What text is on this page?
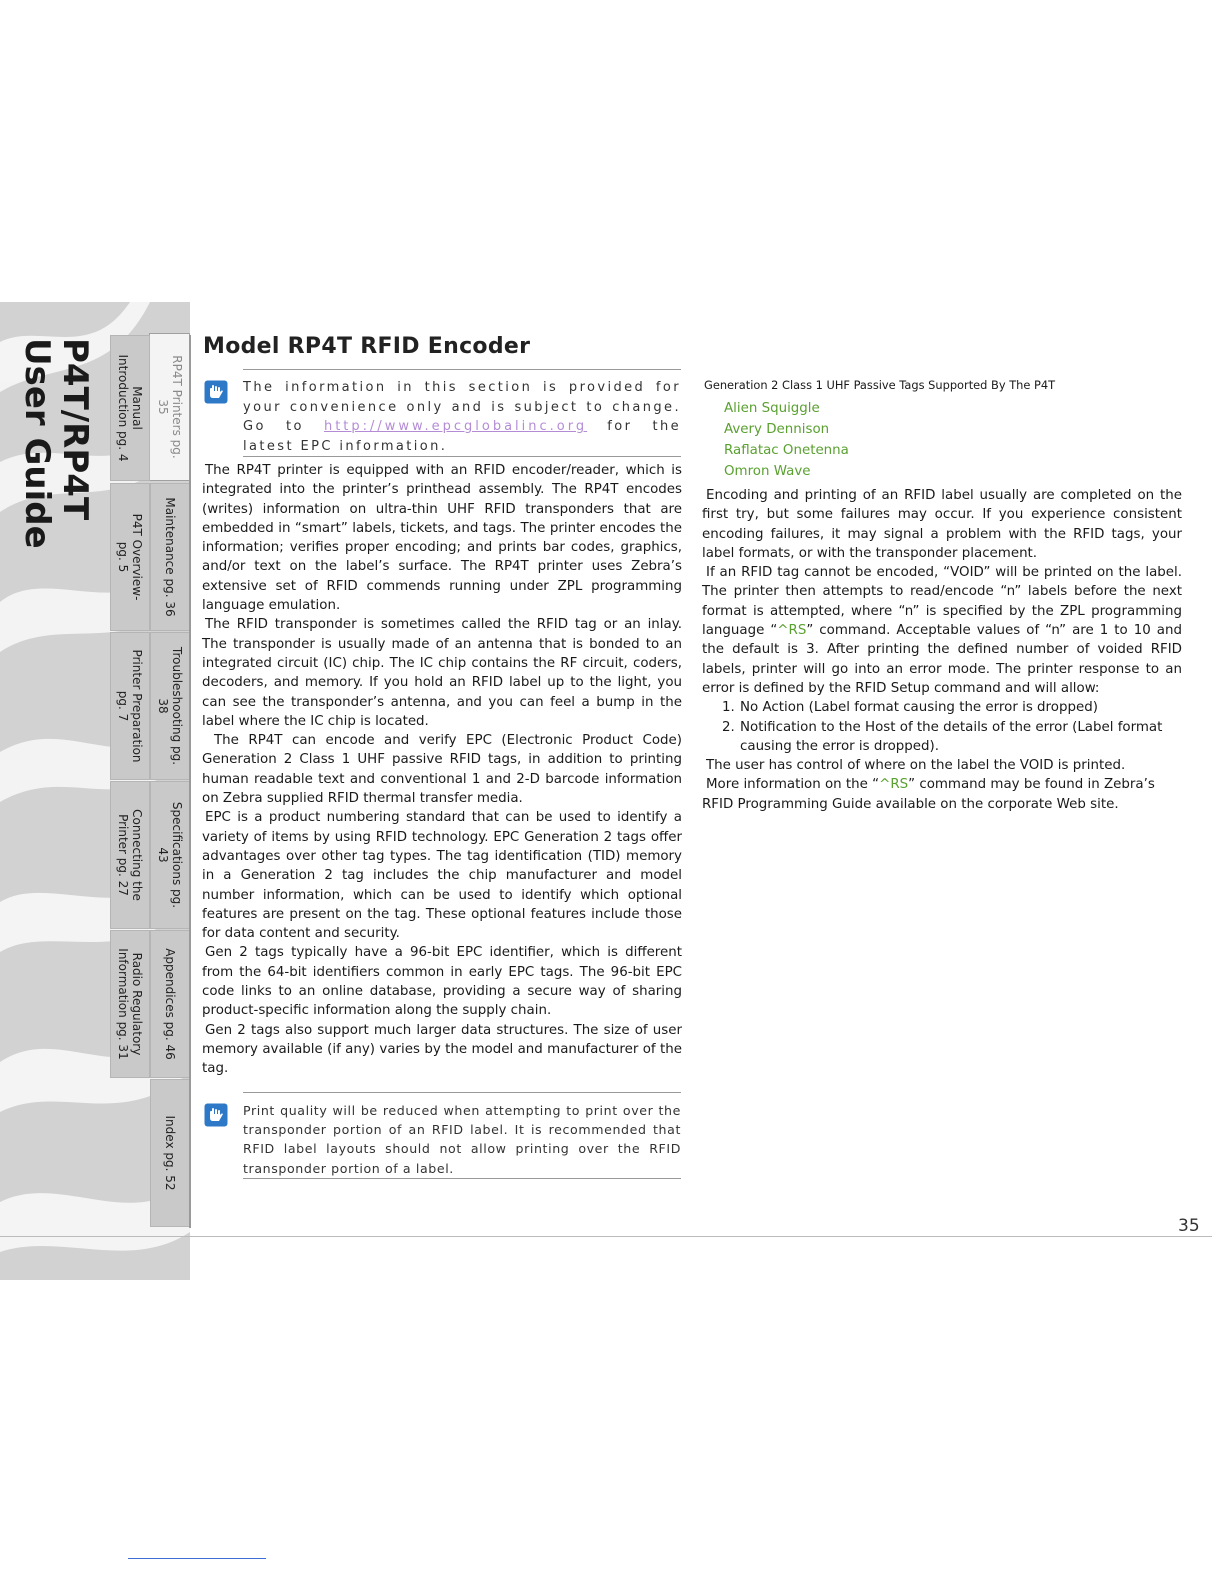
P4T/RP4T
User Guide	RP4T Printers pg.
35
Manual
Introduction pg. 4
Maintenance pg. 36
P4T Overview-
pg. 5
Troubleshooting pg.
38
Printer Preparation
pg. 7
Specifications pg.
43
Connecting the
Printer pg. 27
Appendices pg. 46
Radio Regulatory
Information pg. 31
Index pg. 52
Model RP4T RFID Encoder
The information in this section is provided for your convenience only and is subject to change. Go to http://www.epcglobalinc.org for the latest EPC information.

The RP4T printer is equipped with an RFID encoder/reader, which is integrated into the printer’s printhead assembly. The RP4T encodes (writes) information on ultra-thin UHF RFID transponders that are embedded in “smart” labels, tickets, and tags. The printer encodes the information; verifies proper encoding; and prints bar codes, graphics, and/or text on the label’s surface. The RP4T printer uses Zebra’s extensive set of RFID commends running under ZPL programming language emulation.

The RFID transponder is sometimes called the RFID tag or an inlay. The transponder is usually made of an antenna that is bonded to an integrated circuit (IC) chip. The IC chip contains the RF circuit, coders, decoders, and memory. If you hold an RFID label up to the light, you can see the transponder’s antenna, and you can feel a bump in the label where the IC chip is located.

The RP4T can encode and verify EPC (Electronic Product Code) Generation 2 Class 1 UHF passive RFID tags, in addition to printing human readable text and conventional 1 and 2-D barcode information on Zebra supplied RFID thermal transfer media.

EPC is a product numbering standard that can be used to identify a variety of items by using RFID technology. EPC Generation 2 tags offer advantages over other tag types. The tag identification (TID) memory in a Generation 2 tag includes the chip manufacturer and model number information, which can be used to identify which optional features are present on the tag. These optional features include those for data content and security.

Gen 2 tags typically have a 96-bit EPC identifier, which is different from the 64-bit identifiers common in early EPC tags. The 96-bit EPC code links to an online database, providing a secure way of sharing product-specific information along the supply chain.

Gen 2 tags also support much larger data structures. The size of user memory available (if any) varies by the model and manufacturer of the tag.

Print quality will be reduced when attempting to print over the transponder portion of an RFID label. It is recommended that RFID label layouts should not allow printing over the RFID transponder portion of a label.
Generation 2 Class 1 UHF Passive Tags Supported By The P4T
Alien Squiggle
Avery Dennison
Raflatac Onetenna
Omron Wave

Encoding and printing of an RFID label usually are completed on the first try, but some failures may occur. If you experience consistent encoding failures, it may signal a problem with the RFID tags, your label formats, or with the transponder placement.

If an RFID tag cannot be encoded, “VOID” will be printed on the label. The printer then attempts to read/encode “n” labels before the next format is attempted, where “n” is specified by the ZPL programming language “^RS” command. Acceptable values of “n” are 1 to 10 and the default is 3. After printing the defined number of voided RFID labels, printer will go into an error mode. The printer response to an error is defined by the RFID Setup command and will allow:

1. No Action (Label format causing the error is dropped)
2. Notification to the Host of the details of the error (Label format causing the error is dropped).

The user has control of where on the label the VOID is printed.

More information on the “^RS” command may be found in Zebra’s RFID Programming Guide available on the corporate Web site.

35
